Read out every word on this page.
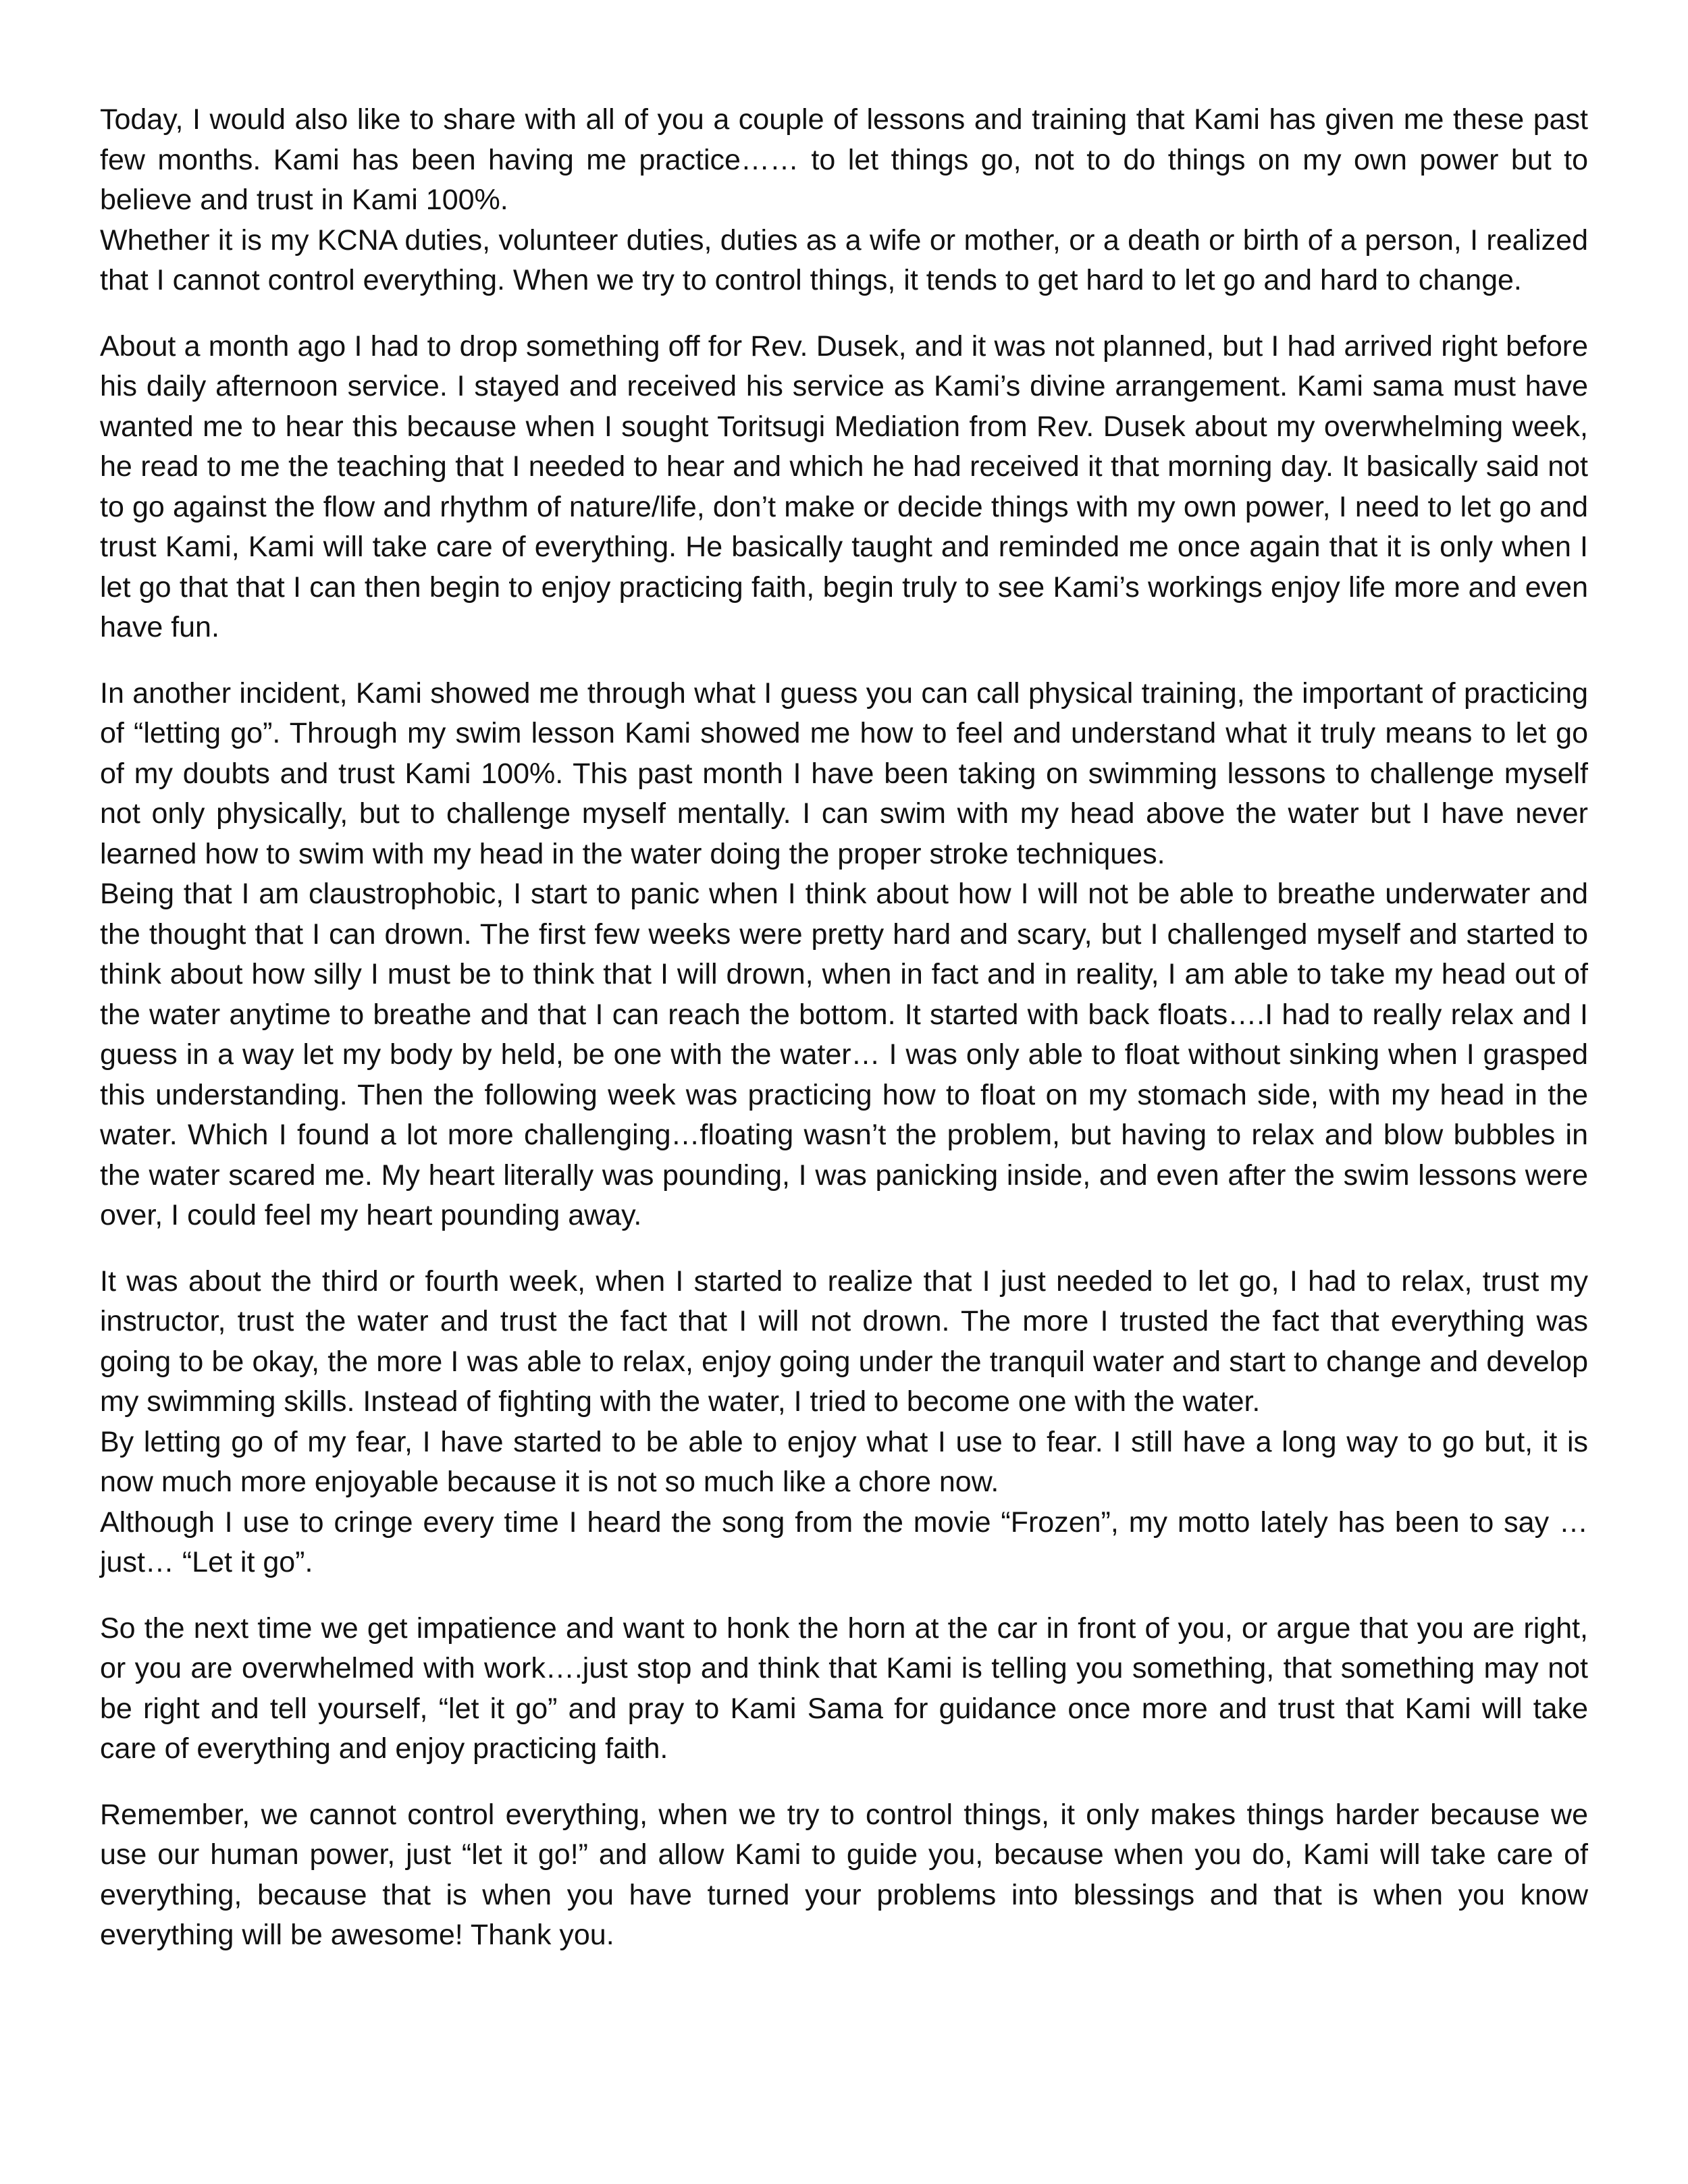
Today, I would also like to share with all of you a couple of lessons and training that Kami has given me these past few months. Kami has been having me practice…… to let things go, not to do things on my own power but to believe and trust in Kami 100%.

Whether it is my KCNA duties, volunteer duties, duties as a wife or mother, or a death or birth of a person, I realized that I cannot control everything. When we try to control things, it tends to get hard to let go and hard to change.

About a month ago I had to drop something off for Rev. Dusek, and it was not planned, but I had arrived right before his daily afternoon service. I stayed and received his service as Kami’s divine arrangement. Kami sama must have wanted me to hear this because when I sought Toritsugi Mediation from Rev. Dusek about my overwhelming week, he read to me the teaching that I needed to hear and which he had received it that morning day. It basically said not to go against the flow and rhythm of nature/life, don’t make or decide things with my own power, I need to let go and trust Kami, Kami will take care of everything. He basically taught and reminded me once again that it is only when I let go that that I can then begin to enjoy practicing faith, begin truly to see Kami’s workings enjoy life more and even have fun.

In another incident, Kami showed me through what I guess you can call physical training, the important of practicing of “letting go”. Through my swim lesson Kami showed me how to feel and understand what it truly means to let go of my doubts and trust Kami 100%. This past month I have been taking on swimming lessons to challenge myself not only physically, but to challenge myself mentally. I can swim with my head above the water but I have never learned how to swim with my head in the water doing the proper stroke techniques.

Being that I am claustrophobic, I start to panic when I think about how I will not be able to breathe underwater and the thought that I can drown. The first few weeks were pretty hard and scary, but I challenged myself and started to think about how silly I must be to think that I will drown, when in fact and in reality, I am able to take my head out of the water anytime to breathe and that I can reach the bottom. It started with back floats….I had to really relax and I guess in a way let my body by held, be one with the water… I was only able to float without sinking when I grasped this understanding. Then the following week was practicing how to float on my stomach side, with my head in the water. Which I found a lot more challenging…floating wasn’t the problem, but having to relax and blow bubbles in the water scared me. My heart literally was pounding, I was panicking inside, and even after the swim lessons were over, I could feel my heart pounding away.

It was about the third or fourth week, when I started to realize that I just needed to let go, I had to relax, trust my instructor, trust the water and trust the fact that I will not drown. The more I trusted the fact that everything was going to be okay, the more I was able to relax, enjoy going under the tranquil water and start to change and develop my swimming skills. Instead of fighting with the water, I tried to become one with the water.

By letting go of my fear, I have started to be able to enjoy what I use to fear. I still have a long way to go but, it is now much more enjoyable because it is not so much like a chore now.

Although I use to cringe every time I heard the song from the movie “Frozen”, my motto lately has been to say …just… “Let it go”.

So the next time we get impatience and want to honk the horn at the car in front of you, or argue that you are right, or you are overwhelmed with work….just stop and think that Kami is telling you something, that something may not be right and tell yourself, “let it go” and pray to Kami Sama for guidance once more and trust that Kami will take care of everything and enjoy practicing faith.

Remember, we cannot control everything, when we try to control things, it only makes things harder because we use our human power, just “let it go!” and allow Kami to guide you, because when you do, Kami will take care of everything, because that is when you have turned your problems into blessings and that is when you know everything will be awesome! Thank you.
